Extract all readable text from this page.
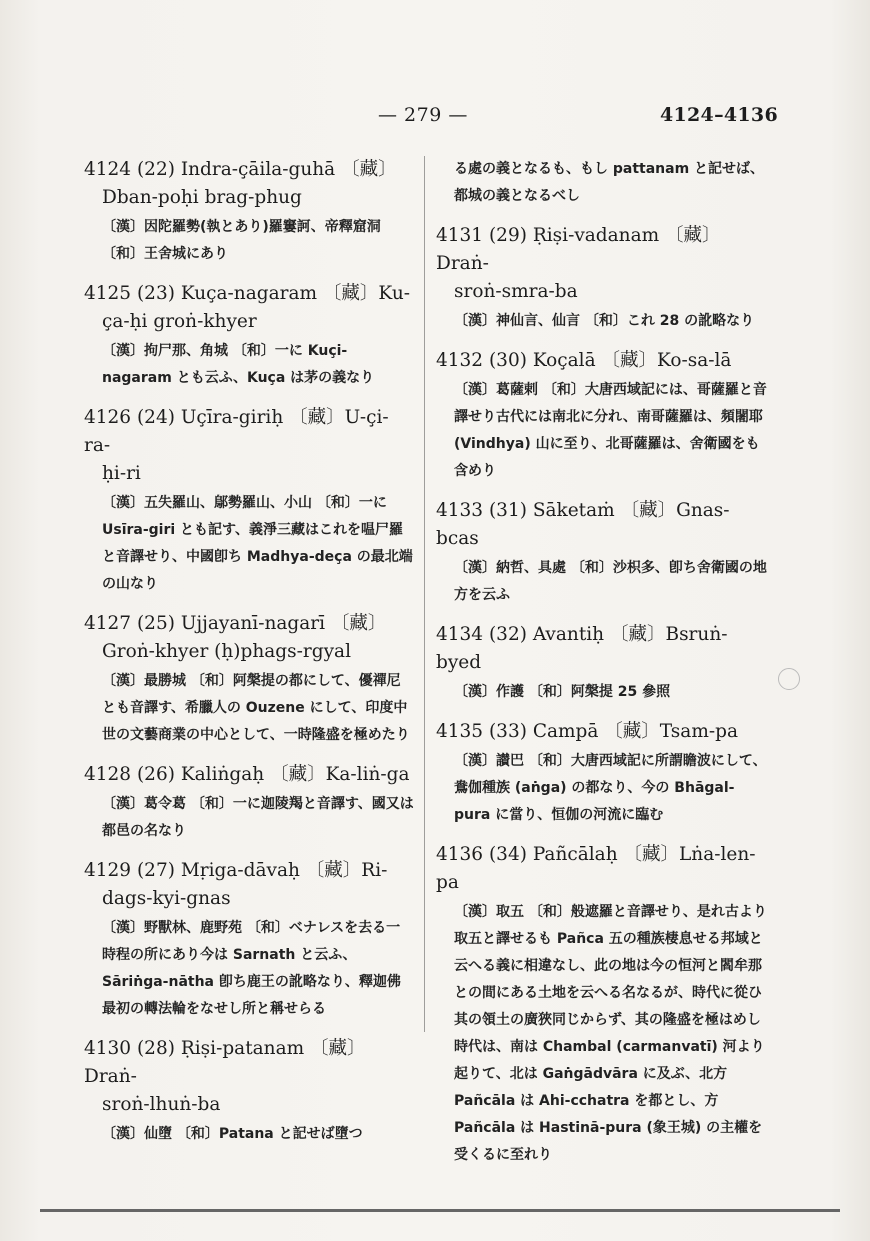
— 279 —	4124–4136
4124 (22) Indra-çāila-guhā 〔藏〕
Dban-poḥi brag-phug
〔漢〕因陀羅勢(執とあり)羅窶訶、帝釋窟洞 〔和〕王舍城にあり
4125 (23) Kuça-nagaram 〔藏〕Ku-
ça-ḥi groṅ-khyer
〔漢〕拘尸那、角城 〔和〕一に Kuçi-nagaram とも云ふ、Kuça は茅の義なり
4126 (24) Uçīra-giriḥ 〔藏〕U-çi-ra-
ḥi-ri
〔漢〕五失羅山、鄔勢羅山、小山 〔和〕一に Usīra-giri とも記す、義淨三藏はこれを嗢尸羅と音譯せり、中國卽ち Madhya-deça の最北端の山なり
4127 (25) Ujjayanī-nagarī 〔藏〕
Groṅ-khyer (ḥ)phags-rgyal
〔漢〕最勝城 〔和〕阿槃提の都にして、優禪尼とも音譯す、希臘人の Ouzene にして、印度中世の文藝商業の中心として、一時隆盛を極めたり
4128 (26) Kaliṅgaḥ 〔藏〕Ka-liṅ-ga
〔漢〕葛令葛 〔和〕一に迦陵羯と音譯す、國又は都邑の名なり
4129 (27) Mṛiga-dāvaḥ 〔藏〕Ri-
dags-kyi-gnas
〔漢〕野獸林、鹿野苑 〔和〕ベナレスを去る一時程の所にあり今は Sarnath と云ふ、Sāriṅga-nātha 卽ち鹿王の訛略なり、釋迦佛最初の轉法輪をなせし所と稱せらる
4130 (28) Ṛiṣi-patanam 〔藏〕Draṅ-
sroṅ-lhuṅ-ba
〔漢〕仙墮 〔和〕Patana と記せば墮つ
る處の義となるも、もし pattanam と記せば、都城の義となるべし
4131 (29) Ṛiṣi-vadanam 〔藏〕Draṅ-
sroṅ-smra-ba
〔漢〕神仙言、仙言 〔和〕これ 28 の訛略なり
4132 (30) Koçalā 〔藏〕Ko-sa-lā
〔漢〕葛薩剌 〔和〕大唐西域記には、哥薩羅と音譯せり古代には南北に分れ、南哥薩羅は、頻闍耶 (Vindhya) 山に至り、北哥薩羅は、舍衛國をも含めり
4133 (31) Sāketaṁ 〔藏〕Gnas-bcas
〔漢〕納哲、具處 〔和〕沙枳多、卽ち舍衛國の地方を云ふ
4134 (32) Avantiḥ 〔藏〕Bsruṅ-byed
〔漢〕作護 〔和〕阿槃提 25 參照
4135 (33) Campā 〔藏〕Tsam-pa
〔漢〕讃巴 〔和〕大唐西域記に所謂瞻波にして、鴦伽種族 (aṅga) の都なり、今の Bhāgal-pura に當り、恒伽の河流に臨む
4136 (34) Pañcālaḥ 〔藏〕Lṅa-len-pa
〔漢〕取五 〔和〕般遮羅と音譯せり、是れ古より取五と譯せるも Pañca 五の種族棲息せる邦域と云へる義に相違なし、此の地は今の恒河と閻牟那との間にある土地を云へる名なるが、時代に從ひ其の領土の廣狹同じからず、其の隆盛を極はめし時代は、南は Chambal (carmanvatī) 河より起りて、北は Gaṅgādvāra に及ぶ、北方 Pañcāla は Ahi-cchatra を都とし、方 Pañcāla は Hastinā-pura (象王城) の主權を受くるに至れり
